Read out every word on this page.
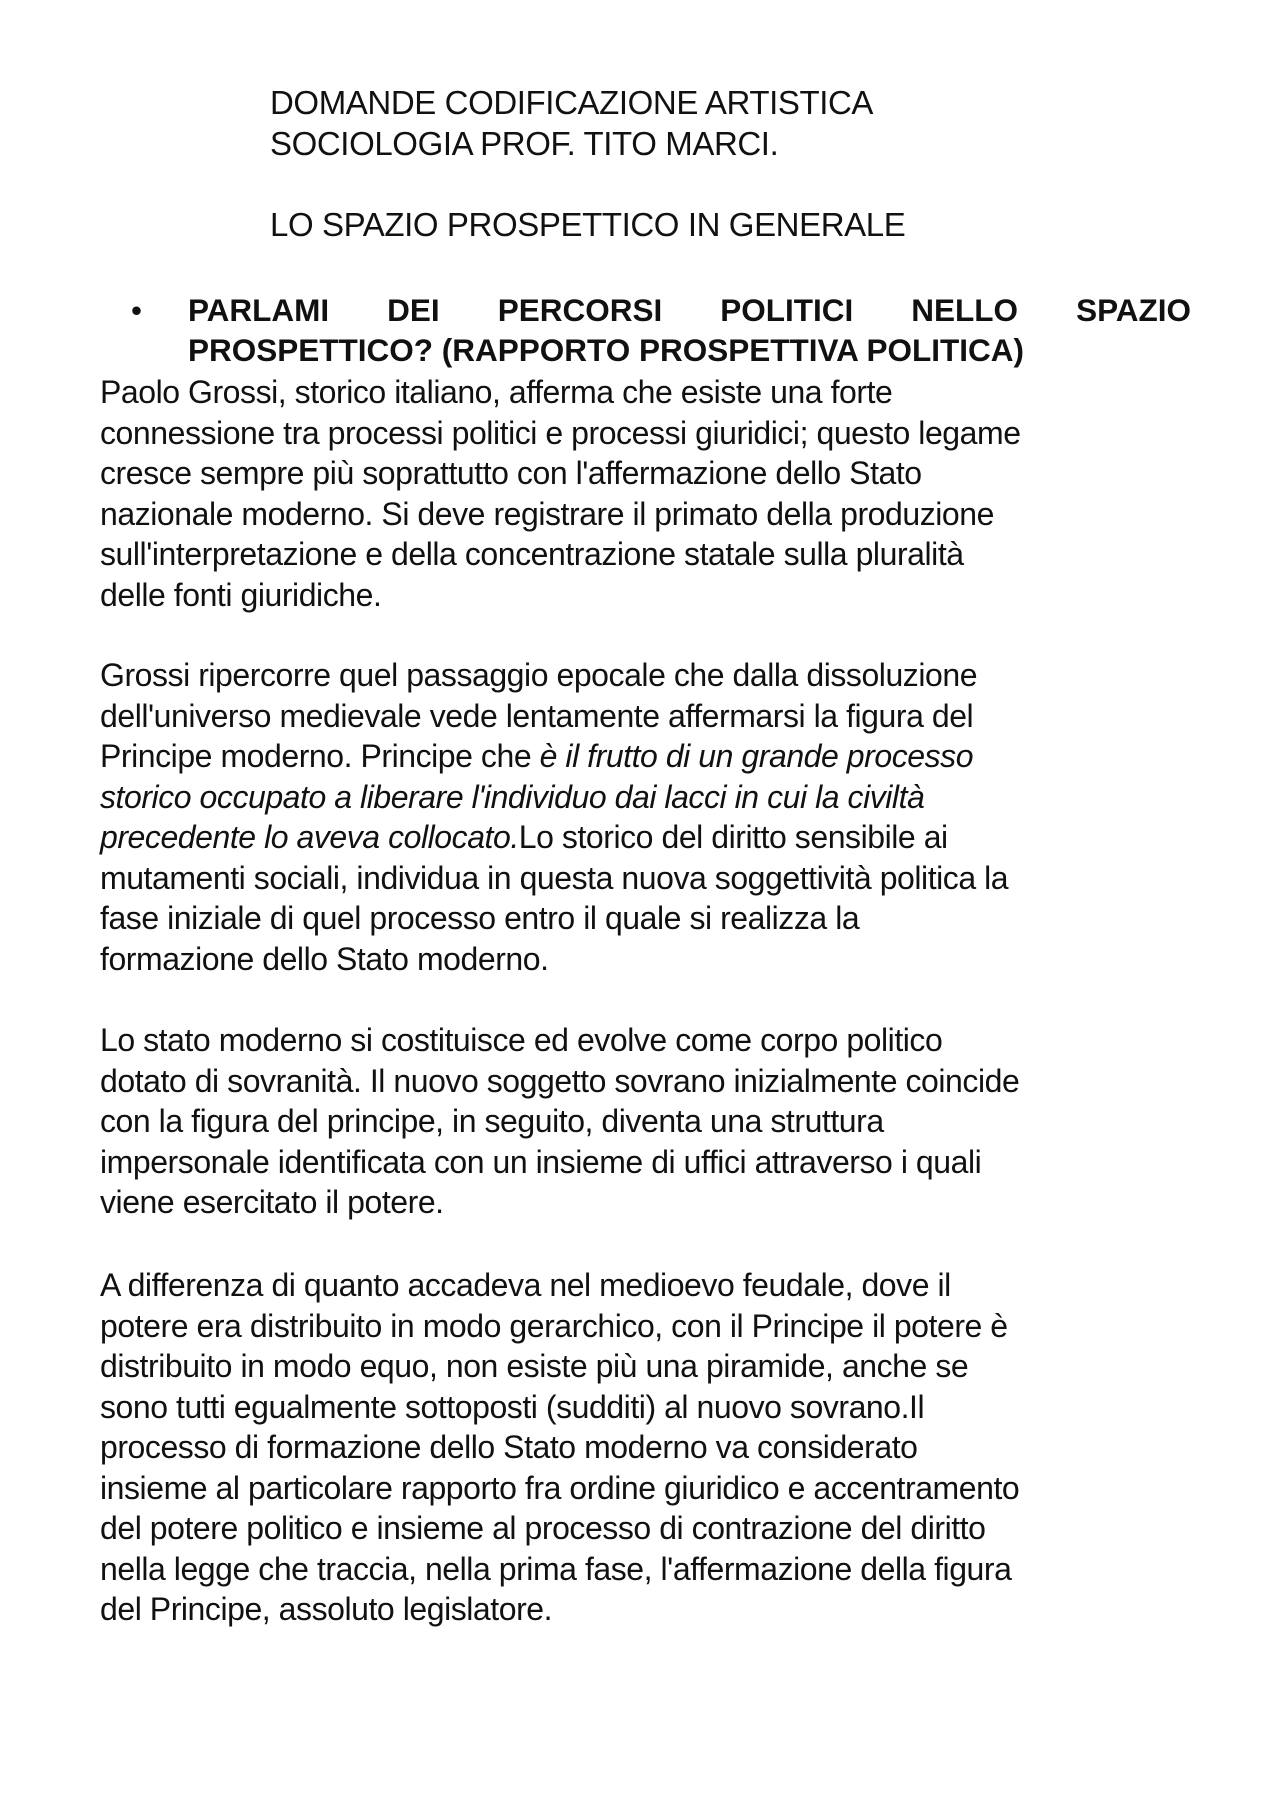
DOMANDE CODIFICAZIONE ARTISTICA
SOCIOLOGIA PROF. TITO MARCI.
LO SPAZIO PROSPETTICO IN GENERALE
• PARLAMI DEI PERCORSI POLITICI NELLO SPAZIO
PROSPETTICO? (RAPPORTO PROSPETTIVA POLITICA)
Paolo Grossi, storico italiano, afferma che esiste una forte
connessione tra processi politici e processi giuridici; questo legame
cresce sempre più soprattutto con l'affermazione dello Stato
nazionale moderno. Si deve registrare il primato della produzione
sull'interpretazione e della concentrazione statale sulla pluralità
delle fonti giuridiche.
Grossi ripercorre quel passaggio epocale che dalla dissoluzione
dell'universo medievale vede lentamente affermarsi la figura del
Principe moderno. Principe che è il frutto di un grande processo
storico occupato a liberare l'individuo dai lacci in cui la civiltà
precedente lo aveva collocato.Lo storico del diritto sensibile ai
mutamenti sociali, individua in questa nuova soggettività politica la
fase iniziale di quel processo entro il quale si realizza la
formazione dello Stato moderno.
Lo stato moderno si costituisce ed evolve come corpo politico
dotato di sovranità. Il nuovo soggetto sovrano inizialmente coincide
con la figura del principe, in seguito, diventa una struttura
impersonale identificata con un insieme di uffici attraverso i quali
viene esercitato il potere.
A differenza di quanto accadeva nel medioevo feudale, dove il
potere era distribuito in modo gerarchico, con il Principe il potere è
distribuito in modo equo, non esiste più una piramide, anche se
sono tutti egualmente sottoposti (sudditi) al nuovo sovrano.Il
processo di formazione dello Stato moderno va considerato
insieme al particolare rapporto fra ordine giuridico e accentramento
del potere politico e insieme al processo di contrazione del diritto
nella legge che traccia, nella prima fase, l'affermazione della figura
del Principe, assoluto legislatore.
